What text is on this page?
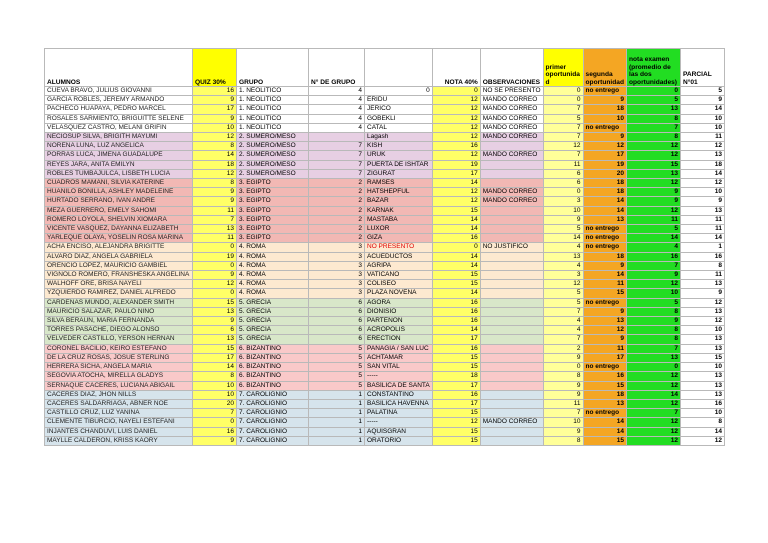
ALUMNOS	QUIZ 30%	GRUPO	N° DE GRUPO		NOTA 40%	OBSERVACIONES	primer oportunida d	segunda oportunidad	nota examen (promedio de las dos oportunidades)	PARCIAL N°01
CUEVA BRAVO, JULIUS GIOVANNI	16	1. NEOLITICO	4	0	0	NO SE PRESENTÓ	0	no entrego	0	5
GARCIA ROBLES, JEREMY ARMANDO	9	1. NEOLITICO	4	ERIDU	12	MANDO CORREO	0	9	5	9
PACHECO HUAPAYA, PEDRO MARCEL	17	1. NEOLITICO	4	JERICO	12	MANDO CORREO	7	18	13	14
ROSALES SARMIENTO, BRIGUITTE SELENE	9	1. NEOLITICO	4	GOBEKLI	12	MANDO CORREO	5	10	8	10
VELASQUEZ CASTRO, MELANI GRIFIN	10	1. NEOLITICO	4	CATAL	12	MANDO CORREO	7	no entrego	7	10
NECIOSUP SILVA, BRIGITH MAYUMI	12	2. SUMERO/MESO		Lagash	12	MANDO CORREO	7	9	8	11
NOREÑA LUNA, LUZ ANGELICA	8	2. SUMERO/MESO	7	KISH	16		12	12	12	12
PORRAS LUCA, JIMENA GUADALUPE	14	2. SUMERO/MESO	7	URUK	12	MANDO CORREO	7	17	12	13
REYES JARA, ANITA EMILYN	18	2. SUMERO/MESO	7	PUERTA DE ISHTAR	19		11	19	15	18
ROBLES TUMBAJULCA, LISBETH LUCIA	12	2. SUMERO/MESO	7	ZIGURAT	17		6	20	13	14
CUADROS MAMANI, SILVIA KATERINE	8	3. EGIPTO	2	RAMSES	14		6	18	12	12
HUANILO BONILLA, ASHLEY MADELEINE	9	3. EGIPTO	2	HATSHEPFUL	12	MANDO CORREO	0	18	9	10
HURTADO SERRANO, IVAN ANDRE	9	3. EGIPTO	2	BAZAR	12	MANDO CORREO	3	14	9	9
MEZA GUERRERO, EMELY SAHOMI	11	3. EGIPTO	2	KARNAK	15		10	14	12	13
ROMERO LOYOLA, SHELVIN XIOMARA	7	3. EGIPTO	2	MASTABA	14		9	13	11	11
VICENTE VASQUEZ, DAYANNA ELIZABETH	13	3. EGIPTO	2	LUXOR	14		5	no entrego	5	11
YARLEQUE OLAYA, YOSELIN ROSA MARINA	11	3. EGIPTO	2	GIZA	16		14	no entrego	14	14
ACHA ENCISO, ALEJANDRA BRIGITTE	0	4. ROMA	3	NO PRESENTO	0	NO JUSTIFICO	4	no entrego	4	1
ALVARO DIAZ, ANGELA GABRIELA	19	4. ROMA	3	ACUEDUCTOS	14		13	18	16	16
ORENCIO LOPEZ, MAURICIO GAMBIEL	0	4. ROMA	3	AGRIPA	14		4	9	7	8
VIGNOLO ROMERO, FRANSHESKA ANGELINA	9	4. ROMA	3	VATICANO	15		3	14	9	11
WALHOFF ORE, BRISA NAYELI	12	4. ROMA	3	COLISEO	15		12	11	12	13
YZQUIERDO RAMIREZ, DANIEL ALFREDO	0	4. ROMA	3	PLAZA NOVENA	14		5	15	10	9
CARDENAS MUNDO, ALEXANDER SMITH	15	5. GRECIA	6	AGORA	16		5	no entrego	5	12
MAURICIO SALAZAR, PAULO NINO	13	5. GRECIA	6	DIONISIO	16		7	9	8	13
SILVA BERAUN, MARIA FERNANDA	9	5. GRECIA	6	PARTENON	16		4	13	9	12
TORRES PASACHE, DIEGO ALONSO	6	5. GRECIA	6	ACROPOLIS	14		4	12	8	10
VELVEDER CASTILLO, YERSON HERNAN	13	5. GRECIA	6	ERECTION	17		7	9	8	13
CORONEL BACILIO, KEIRO ESTEFANO	15	6. BIZANTINO	5	PANAGIA / SAN LUC	16		2	11	7	13
DE LA CRUZ ROSAS, JOSUE STERLING	17	6. BIZANTINO	5	ACHTAMAR	15		9	17	13	15
HERRERA SICHA, ANGELA MARIA	14	6. BIZANTINO	5	SAN VITAL	15		0	no entrego	0	10
SEGOVIA ATOCHA, MIRELLA GLADYS	8	6. BIZANTINO	5	-----	18		8	16	12	13
SERNAQUE CACERES, LUCIANA ABIGAIL	10	6. BIZANTINO	5	BASÍLICA DE SANTA	17		9	15	12	13
CACERES DIAZ, JHON NILLS	10	7. CAROLIGNIO	1	CONSTANTINO	16		9	18	14	13
CACERES SALDARRIAGA, ABNER NOE	20	7. CAROLIGNIO	1	BASILICA HAVENNA	17		11	13	12	16
CASTILLO CRUZ, LUZ YANINA	7	7. CAROLIGNIO	1	PALATINA	15		7	no entrego	7	10
CLEMENTE TIBURCIO, NAYELI ESTEFANI	0	7. CAROLIGNIO	1	-----	12	MANDO CORREO	10	14	12	8
INJANTES CHANDUVI, LUIS DANIEL	16	7. CAROLIGNIO	1	AQUISGRAN	15		9	14	12	14
MAYLLE CALDERON, KRISS KAORY	9	7. CAROLIGNIO	1	ORATORIO	15		8	15	12	12
